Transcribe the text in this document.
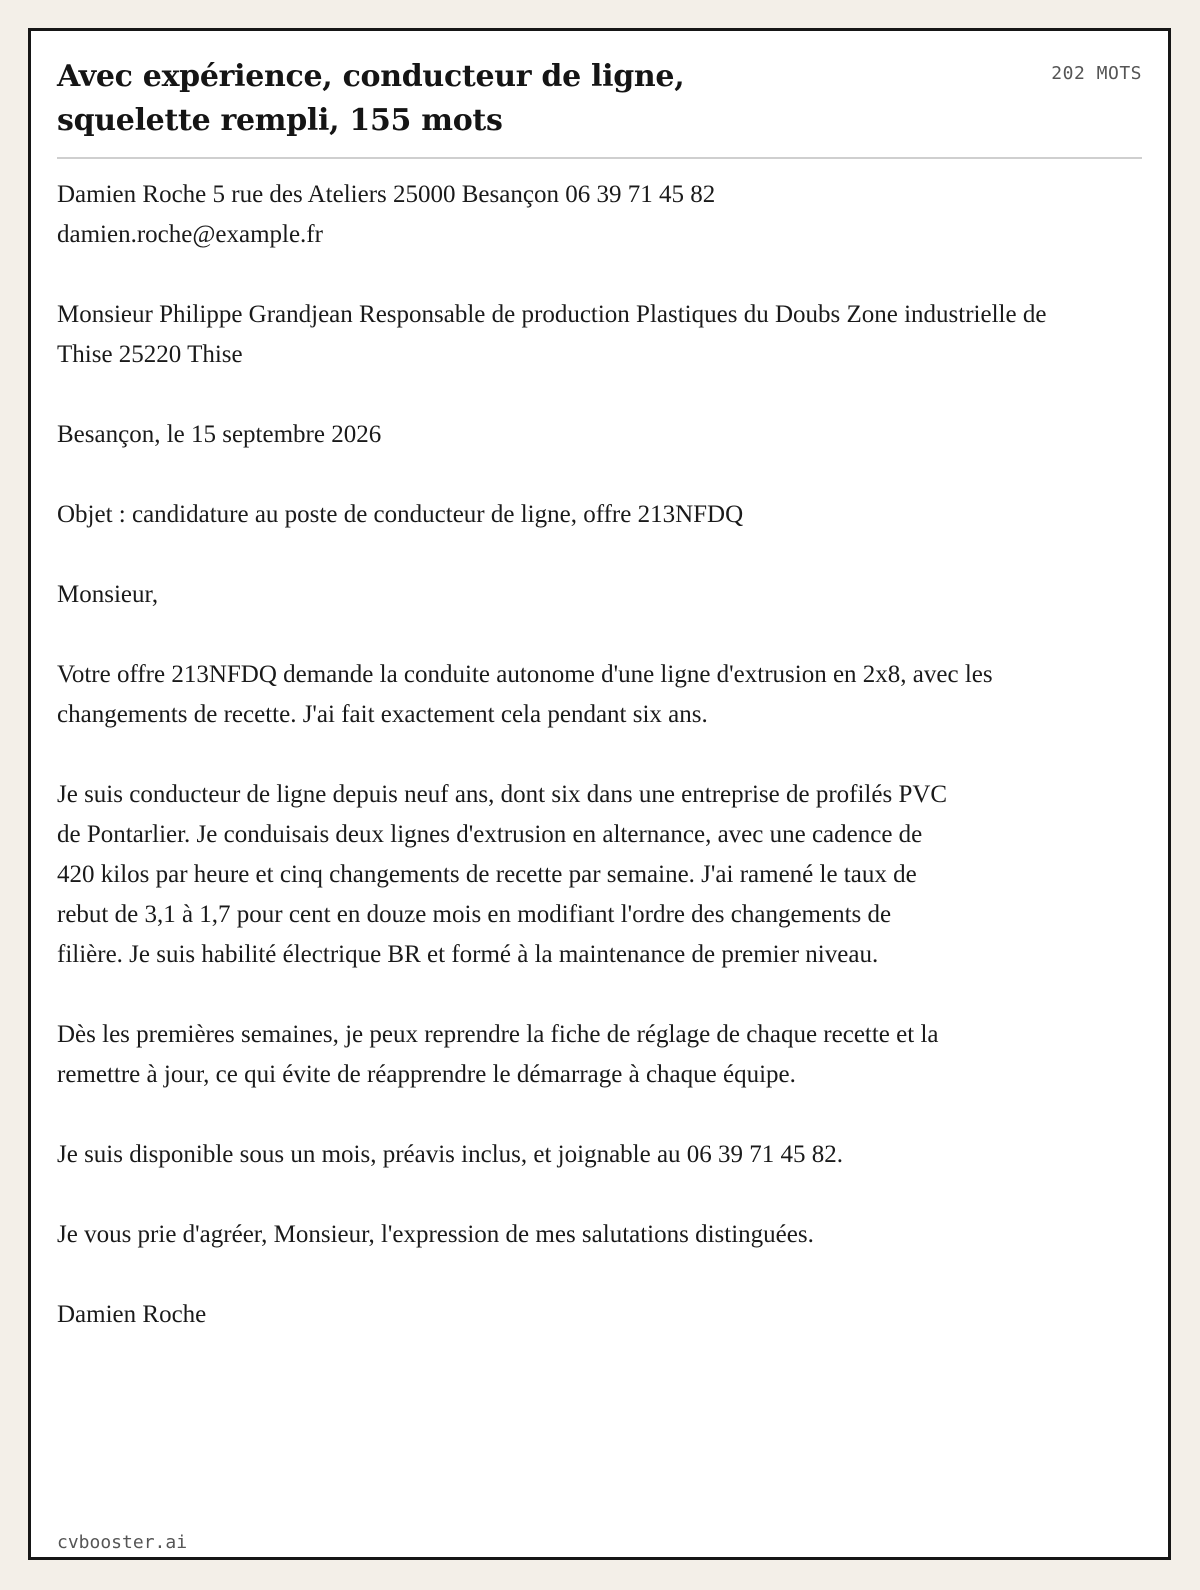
Avec expérience, conducteur de ligne, squelette rempli, 155 mots
202 MOTS

Damien Roche 5 rue des Ateliers 25000 Besançon 06 39 71 45 82 damien.roche@example.fr

Monsieur Philippe Grandjean Responsable de production Plastiques du Doubs Zone industrielle de Thise 25220 Thise

Besançon, le 15 septembre 2026

Objet : candidature au poste de conducteur de ligne, offre 213NFDQ

Monsieur,

Votre offre 213NFDQ demande la conduite autonome d'une ligne d'extrusion en 2x8, avec les changements de recette. J'ai fait exactement cela pendant six ans.

Je suis conducteur de ligne depuis neuf ans, dont six dans une entreprise de profilés PVC de Pontarlier. Je conduisais deux lignes d'extrusion en alternance, avec une cadence de 420 kilos par heure et cinq changements de recette par semaine. J'ai ramené le taux de rebut de 3,1 à 1,7 pour cent en douze mois en modifiant l'ordre des changements de filière. Je suis habilité électrique BR et formé à la maintenance de premier niveau.

Dès les premières semaines, je peux reprendre la fiche de réglage de chaque recette et la remettre à jour, ce qui évite de réapprendre le démarrage à chaque équipe.

Je suis disponible sous un mois, préavis inclus, et joignable au 06 39 71 45 82.

Je vous prie d'agréer, Monsieur, l'expression de mes salutations distinguées.

Damien Roche

cvbooster.ai
